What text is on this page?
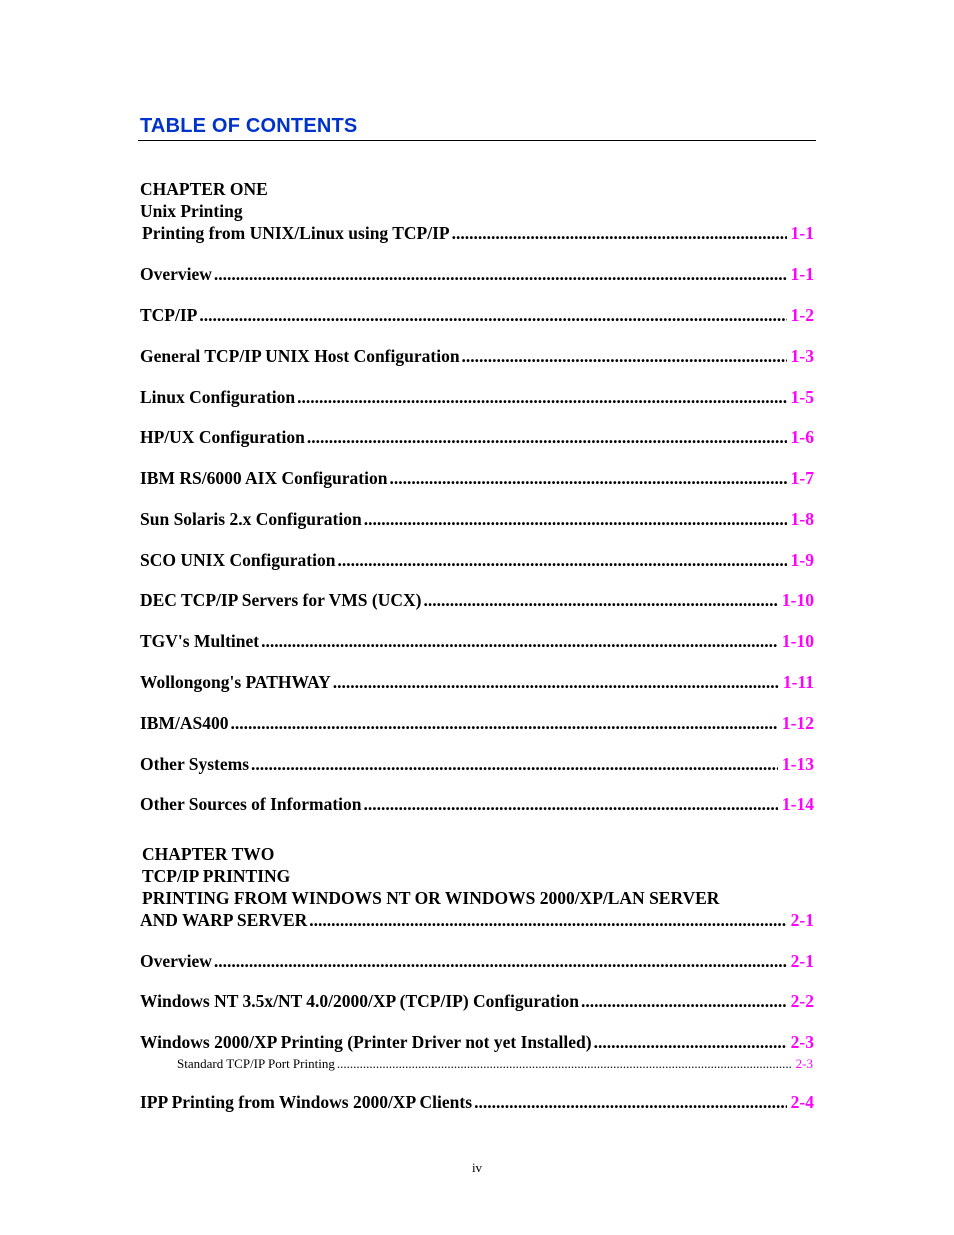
TABLE OF CONTENTS
CHAPTER ONE
Unix Printing
Printing from UNIX/Linux using TCP/IP .....	1-1
Overview .....	1-1
TCP/IP .....	1-2
General TCP/IP UNIX Host Configuration .....	1-3
Linux Configuration .....	1-5
HP/UX Configuration .....	1-6
IBM RS/6000 AIX Configuration .....	1-7
Sun Solaris 2.x Configuration .....	1-8
SCO UNIX Configuration .....	1-9
DEC TCP/IP Servers for VMS (UCX) .....	1-10
TGV's Multinet .....	1-10
Wollongong's PATHWAY .....	1-11
IBM/AS400 .....	1-12
Other Systems .....	1-13
Other Sources of Information .....	1-14
CHAPTER TWO
TCP/IP PRINTING
PRINTING FROM WINDOWS NT OR WINDOWS 2000/XP/LAN SERVER
AND WARP SERVER .....	2-1
Overview .....	2-1
Windows NT 3.5x/NT 4.0/2000/XP (TCP/IP) Configuration .....	2-2
Windows 2000/XP Printing (Printer Driver not yet Installed) .....	2-3
Standard TCP/IP Port Printing .....	2-3
IPP Printing from Windows 2000/XP Clients .....	2-4
iv
